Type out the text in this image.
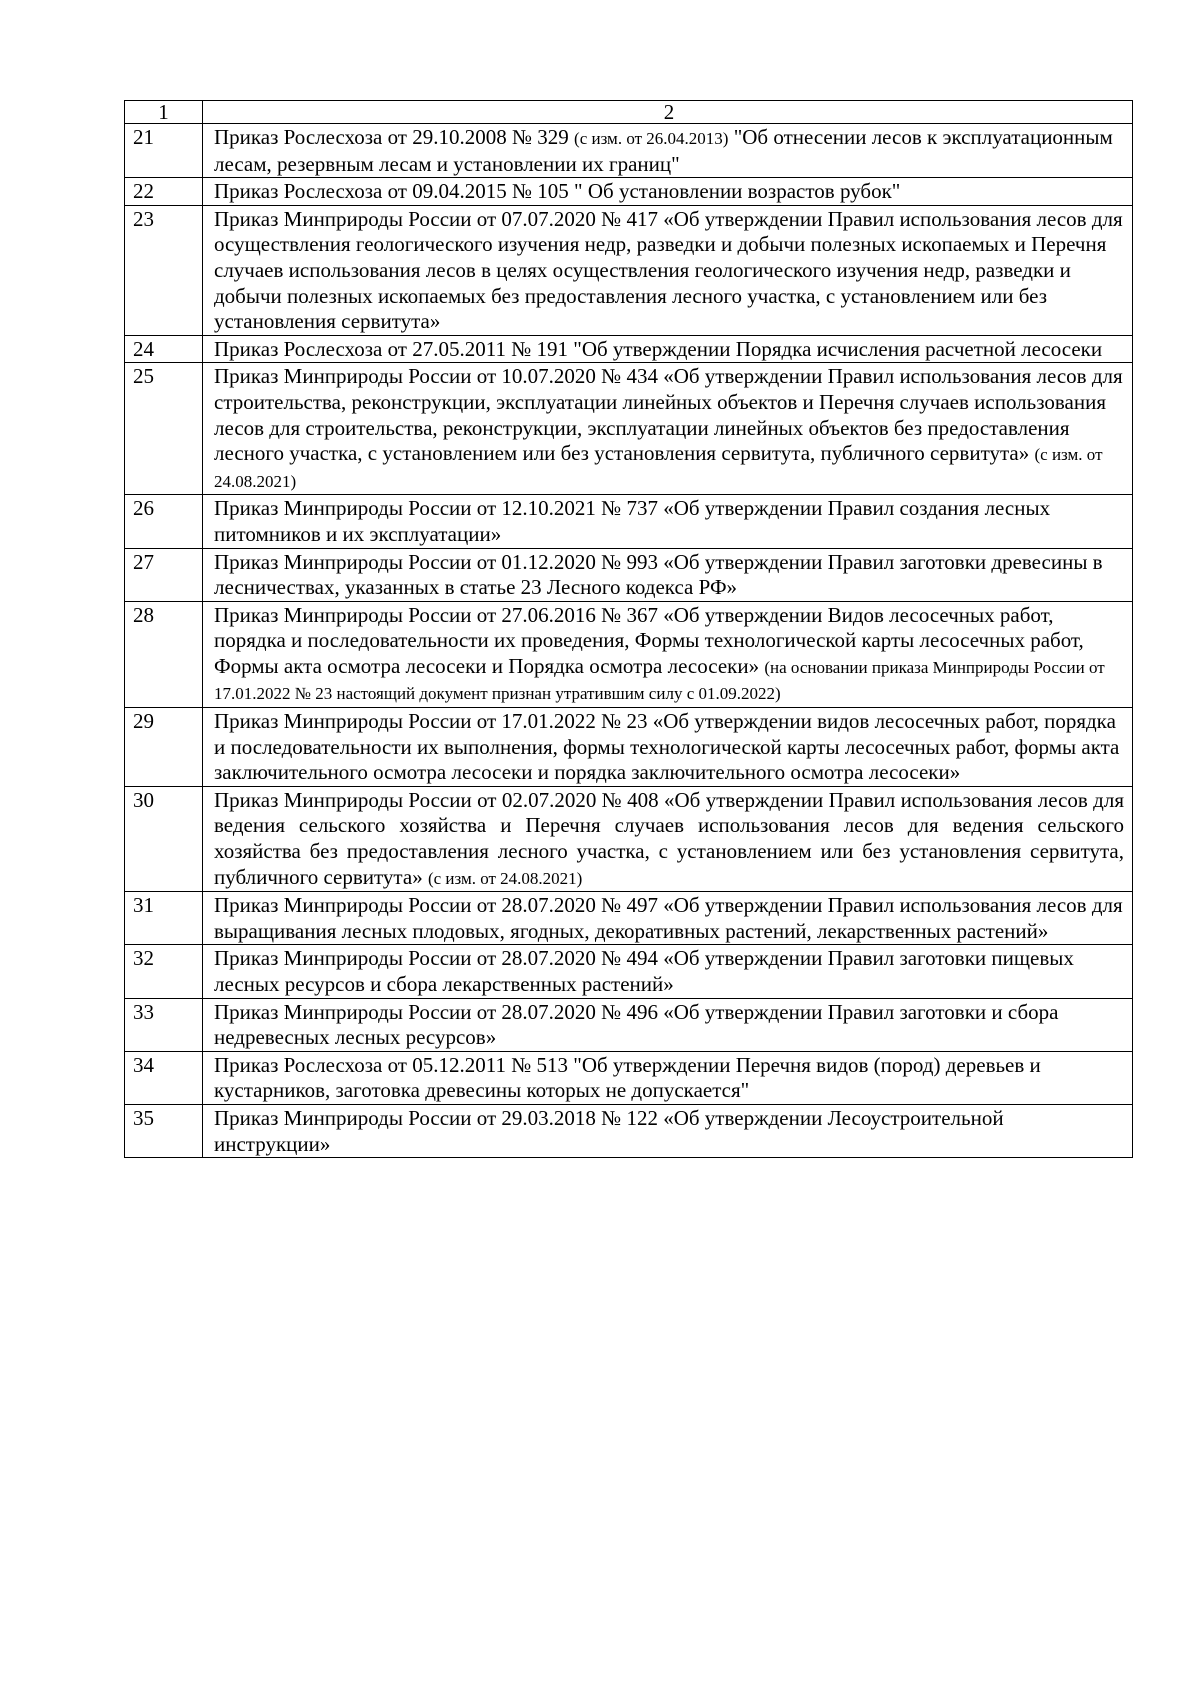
1	2
21	Приказ Рослесхоза от 29.10.2008 № 329 (с изм. от 26.04.2013) "Об отнесении лесов к эксплуатационным лесам, резервным лесам и установлении их границ"
22	Приказ Рослесхоза от 09.04.2015 № 105 " Об установлении возрастов рубок"
23	Приказ Минприроды России от 07.07.2020 № 417 «Об утверждении Правил использования лесов для осуществления геологического изучения недр, разведки и добычи полезных ископаемых и Перечня случаев использования лесов в целях осуществления геологического изучения недр, разведки и добычи полезных ископаемых без предоставления лесного участка, с установлением или без установления сервитута»
24	Приказ Рослесхоза от 27.05.2011 № 191 "Об утверждении Порядка исчисления расчетной лесосеки
25	Приказ Минприроды России от 10.07.2020 № 434 «Об утверждении Правил использования лесов для строительства, реконструкции, эксплуатации линейных объектов и Перечня случаев использования лесов для строительства, реконструкции, эксплуатации линейных объектов без предоставления лесного участка, с установлением или без установления сервитута, публичного сервитута» (с изм. от 24.08.2021)
26	Приказ Минприроды России от 12.10.2021 № 737 «Об утверждении Правил создания лесных питомников и их эксплуатации»
27	Приказ Минприроды России от 01.12.2020 № 993 «Об утверждении Правил заготовки древесины в лесничествах, указанных в статье 23 Лесного кодекса РФ»
28	Приказ Минприроды России от 27.06.2016 № 367 «Об утверждении Видов лесосечных работ, порядка и последовательности их проведения, Формы технологической карты лесосечных работ, Формы акта осмотра лесосеки и Порядка осмотра лесосеки» (на основании приказа Минприроды России от 17.01.2022 № 23 настоящий документ признан утратившим силу с 01.09.2022)
29	Приказ Минприроды России от 17.01.2022 № 23 «Об утверждении видов лесосечных работ, порядка и последовательности их выполнения, формы технологической карты лесосечных работ, формы акта заключительного осмотра лесосеки и порядка заключительного осмотра лесосеки»
30	Приказ Минприроды России от 02.07.2020 № 408 «Об утверждении Правил использования лесов для ведения сельского хозяйства и Перечня случаев использования лесов для ведения сельского хозяйства без предоставления лесного участка, с установлением или без установления сервитута, публичного сервитута» (с изм. от 24.08.2021)
31	Приказ Минприроды России от 28.07.2020 № 497 «Об утверждении Правил использования лесов для выращивания лесных плодовых, ягодных, декоративных растений, лекарственных растений»
32	Приказ Минприроды России от 28.07.2020 № 494 «Об утверждении Правил заготовки пищевых лесных ресурсов и сбора лекарственных растений»
33	Приказ Минприроды России от 28.07.2020 № 496 «Об утверждении Правил заготовки и сбора недревесных лесных ресурсов»
34	Приказ Рослесхоза от 05.12.2011 № 513 "Об утверждении Перечня видов (пород) деревьев и кустарников, заготовка древесины которых не допускается"
35	Приказ Минприроды России от 29.03.2018 № 122 «Об утверждении Лесоустроительной инструкции»
